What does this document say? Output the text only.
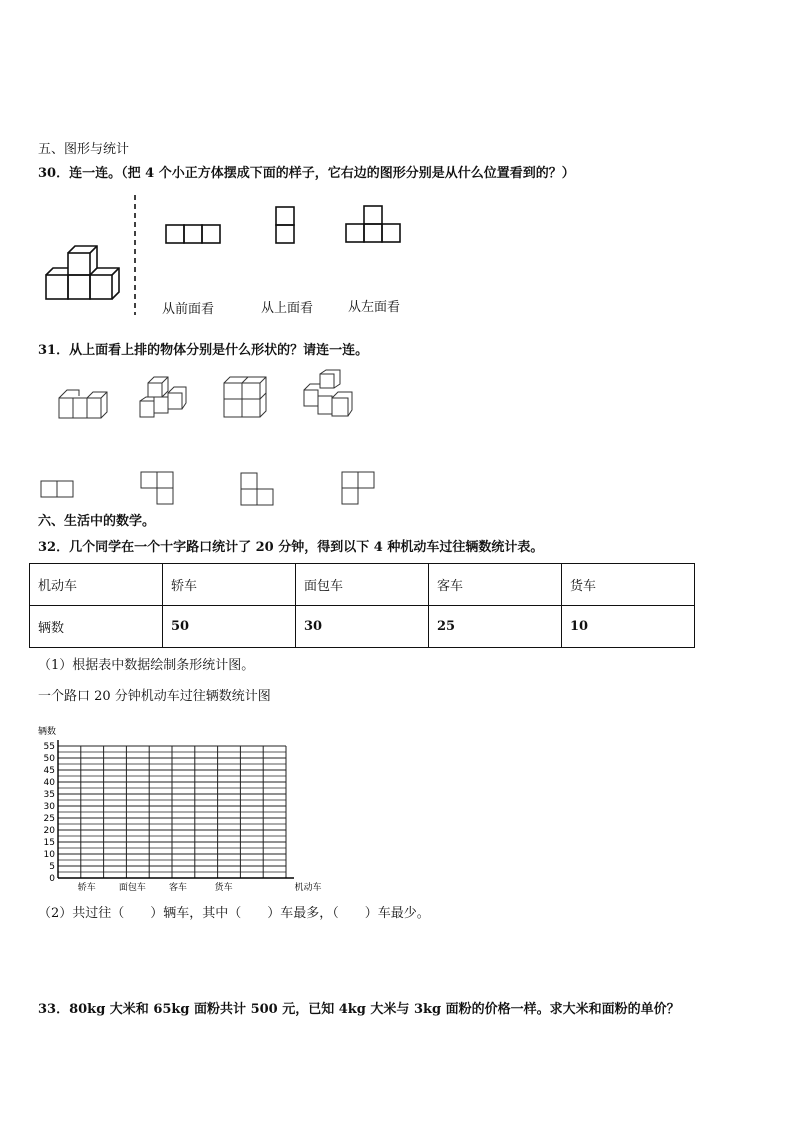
五、图形与统计
30．连一连。（把 4 个小正方体摆成下面的样子，它右边的图形分别是从什么位置看到的？）
从前面看	从上面看	从左面看
31．从上面看上排的物体分别是什么形状的？请连一连。
六、生活中的数学。
32．几个同学在一个十字路口统计了 20 分钟，得到以下 4 种机动车过往辆数统计表。
机动车	轿车	面包车	客车	货车
辆数	50	30	25	10
（1）根据表中数据绘制条形统计图。
一个路口 20 分钟机动车过往辆数统计图
0
5
10
15
20
25
30
35
40
45
50
55
辆数
轿车	面包车	客车	货车	机动车
（2）共过往（　　）辆车，其中（　　）车最多，（　　）车最少。
33．80kg 大米和 65kg 面粉共计 500 元，已知 4kg 大米与 3kg 面粉的价格一样。求大米和面粉的单价？
